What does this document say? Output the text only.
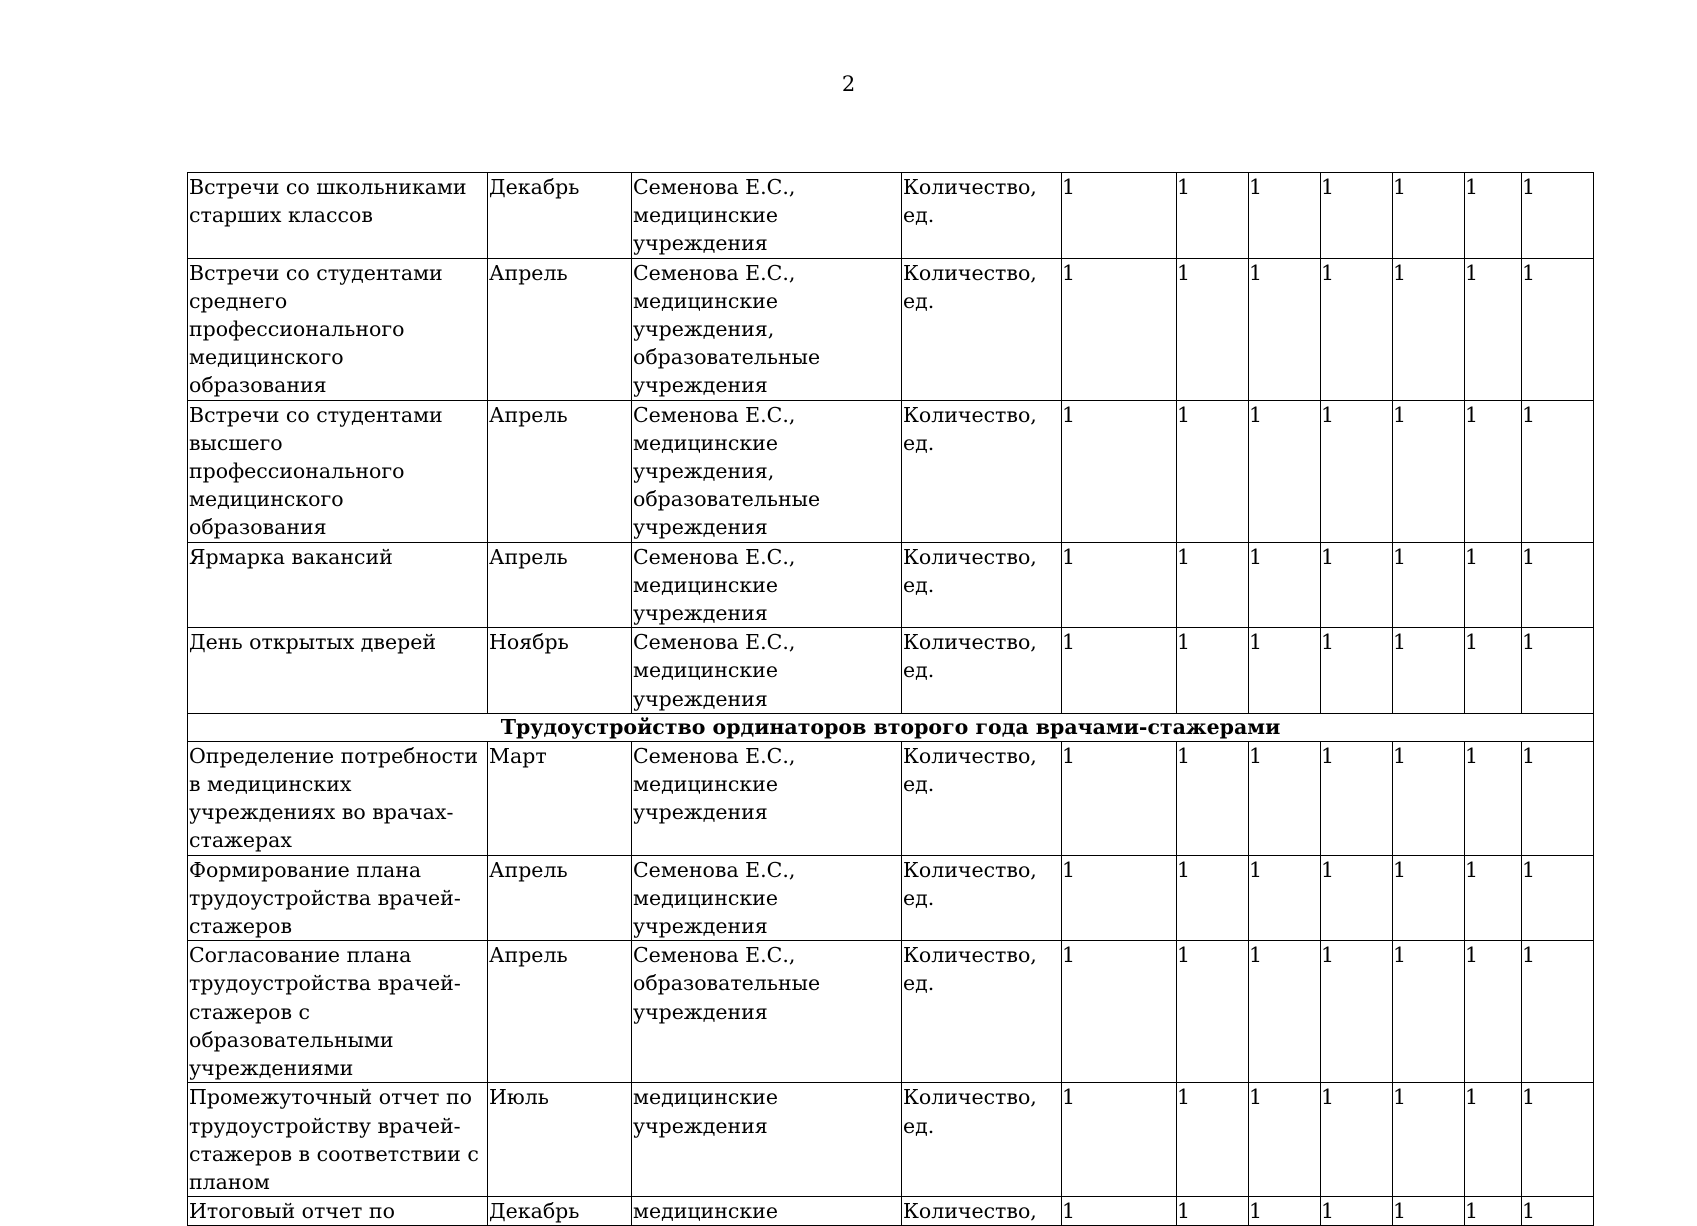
2
Встречи со школьниками старших классов	Декабрь	Семенова Е.С., медицинские учреждения	Количество, ед.	1	1	1	1	1	1	1
Встречи со студентами среднего профессионального медицинского образования	Апрель	Семенова Е.С., медицинские учреждения, образовательные учреждения	Количество, ед.	1	1	1	1	1	1	1
Встречи со студентами высшего профессионального медицинского образования	Апрель	Семенова Е.С., медицинские учреждения, образовательные учреждения	Количество, ед.	1	1	1	1	1	1	1
Ярмарка вакансий	Апрель	Семенова Е.С., медицинские учреждения	Количество, ед.	1	1	1	1	1	1	1
День открытых дверей	Ноябрь	Семенова Е.С., медицинские учреждения	Количество, ед.	1	1	1	1	1	1	1
Трудоустройство ординаторов второго года врачами-стажерами										
Определение потребности в медицинских учреждениях во врачах-стажерах	Март	Семенова Е.С., медицинские учреждения	Количество, ед.	1	1	1	1	1	1	1
Формирование плана трудоустройства врачей-стажеров	Апрель	Семенова Е.С., медицинские учреждения	Количество, ед.	1	1	1	1	1	1	1
Согласование плана трудоустройства врачей-стажеров с образовательными учреждениями	Апрель	Семенова Е.С., образовательные учреждения	Количество, ед.	1	1	1	1	1	1	1
Промежуточный отчет по трудоустройству врачей-стажеров в соответствии с планом	Июль	медицинские учреждения	Количество, ед.	1	1	1	1	1	1	1
Итоговый отчет по	Декабрь	медицинские	Количество,	1	1	1	1	1	1	1
